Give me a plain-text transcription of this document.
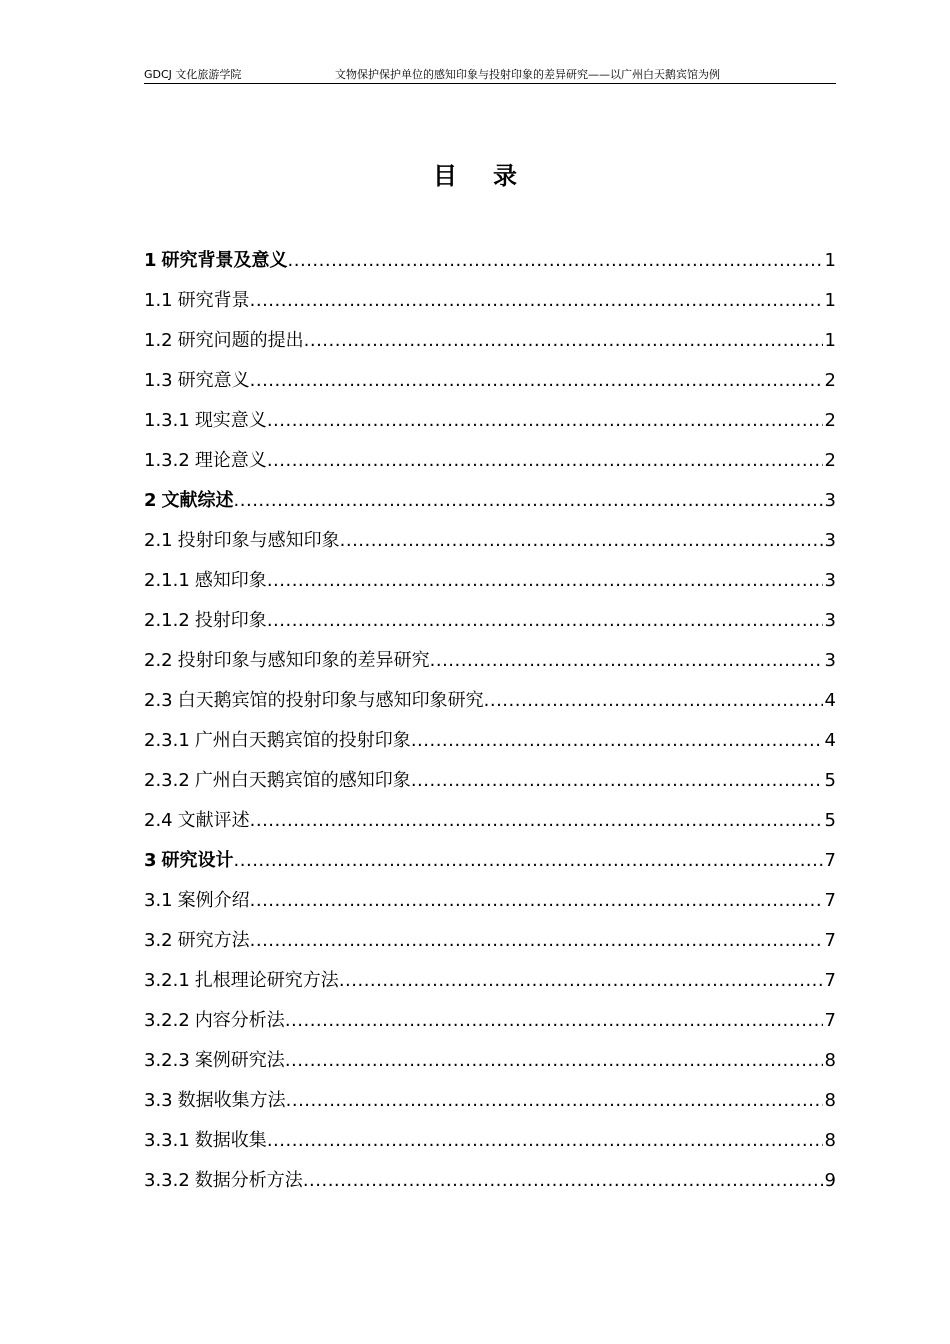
GDCJ 文化旅游学院	文物保护保护单位的感知印象与投射印象的差异研究——以广州白天鹅宾馆为例
目录
1 研究背景及意义 .....	1
1.1 研究背景 .....	1
1.2 研究问题的提出 .....	1
1.3 研究意义 .....	2
1.3.1 现实意义 .....	2
1.3.2 理论意义 .....	2
2 文献综述 .....	3
2.1 投射印象与感知印象 .....	3
2.1.1 感知印象 .....	3
2.1.2 投射印象 .....	3
2.2 投射印象与感知印象的差异研究 .....	3
2.3 白天鹅宾馆的投射印象与感知印象研究 .....	4
2.3.1 广州白天鹅宾馆的投射印象 .....	4
2.3.2 广州白天鹅宾馆的感知印象 .....	5
2.4 文献评述 .....	5
3 研究设计 .....	7
3.1 案例介绍 .....	7
3.2 研究方法 .....	7
3.2.1 扎根理论研究方法 .....	7
3.2.2 内容分析法 .....	7
3.2.3 案例研究法 .....	8
3.3 数据收集方法 .....	8
3.3.1 数据收集 .....	8
3.3.2 数据分析方法 .....	9
